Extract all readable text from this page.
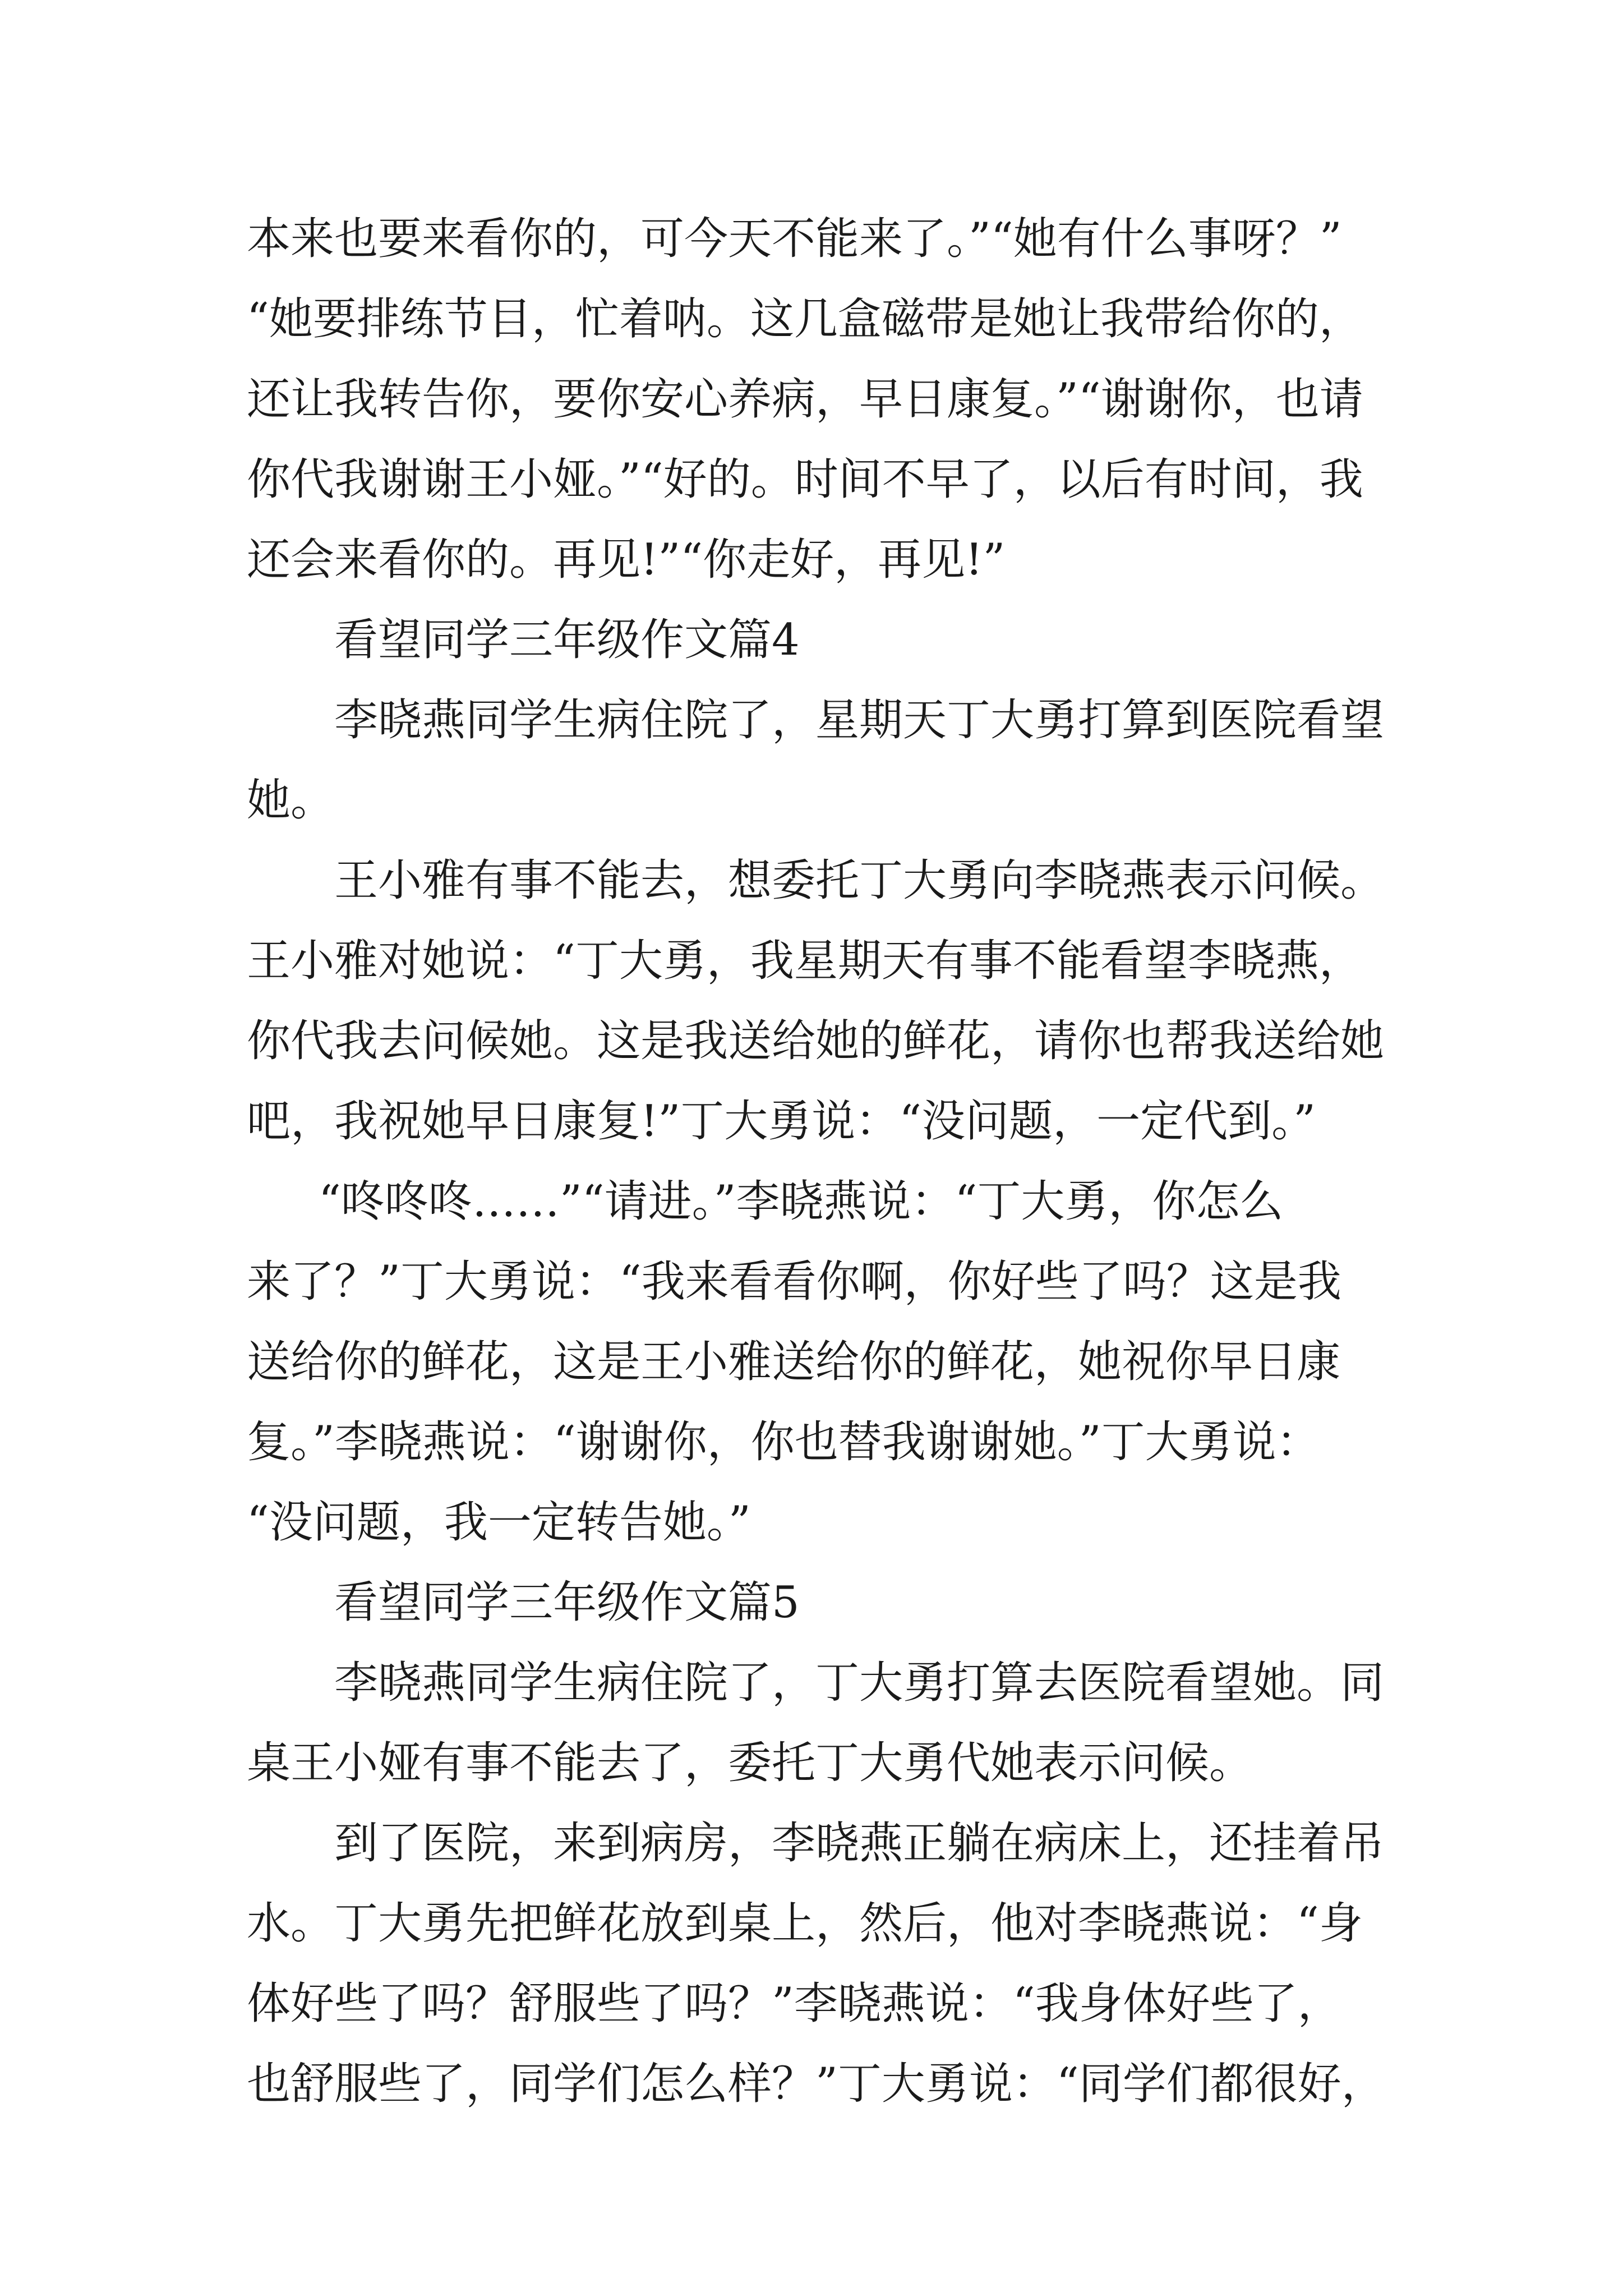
本来也要来看你的，可今天不能来了。”“她有什么事呀？”
“她要排练节目，忙着呐。这几盒磁带是她让我带给你的，
还让我转告你，要你安心养病，早日康复。”“谢谢你，也请
你代我谢谢王小娅。”“好的。时间不早了，以后有时间，我
还会来看你的。再见!”“你走好，再见!”
看望同学三年级作文篇4
李晓燕同学生病住院了，星期天丁大勇打算到医院看望
她。
王小雅有事不能去，想委托丁大勇向李晓燕表示问候。
王小雅对她说：“丁大勇，我星期天有事不能看望李晓燕，
你代我去问候她。这是我送给她的鲜花，请你也帮我送给她
吧，我祝她早日康复!”丁大勇说：“没问题，一定代到。”
“咚咚咚……”“请进。”李晓燕说：“丁大勇，你怎么
来了？”丁大勇说：“我来看看你啊，你好些了吗？这是我
送给你的鲜花，这是王小雅送给你的鲜花，她祝你早日康
复。”李晓燕说：“谢谢你，你也替我谢谢她。”丁大勇说：
“没问题，我一定转告她。”
看望同学三年级作文篇5
李晓燕同学生病住院了，丁大勇打算去医院看望她。同
桌王小娅有事不能去了，委托丁大勇代她表示问候。
到了医院，来到病房，李晓燕正躺在病床上，还挂着吊
水。丁大勇先把鲜花放到桌上，然后，他对李晓燕说：“身
体好些了吗？舒服些了吗？”李晓燕说：“我身体好些了，
也舒服些了，同学们怎么样？”丁大勇说：“同学们都很好，
